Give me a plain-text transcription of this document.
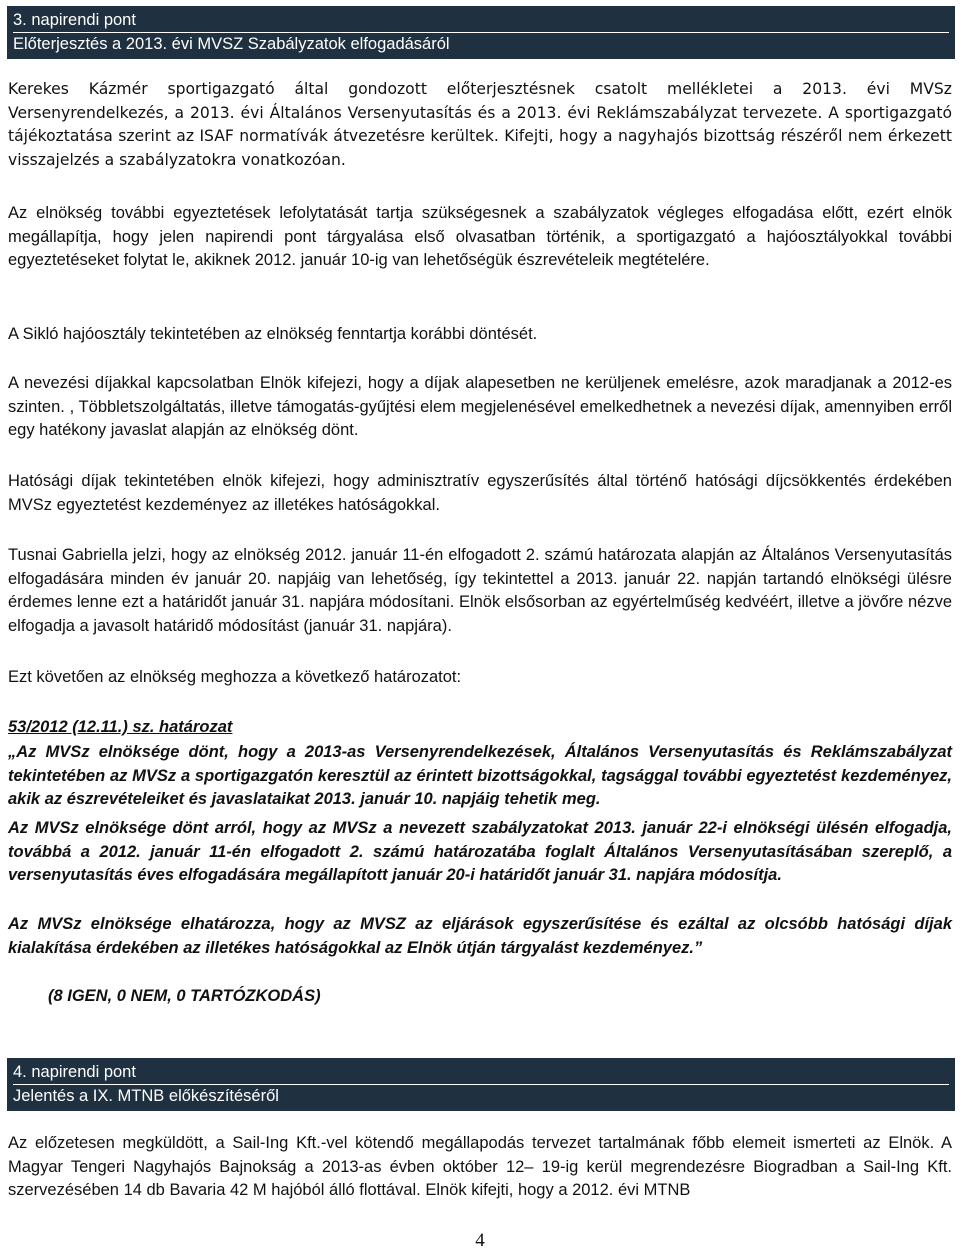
3. napirendi pont
Előterjesztés a 2013. évi MVSZ Szabályzatok elfogadásáról

Kerekes Kázmér sportigazgató által gondozott előterjesztésnek csatolt mellékletei a 2013. évi MVSz Versenyrendelkezés, a 2013. évi Általános Versenyutasítás és a 2013. évi Reklámszabályzat tervezete. A sportigazgató tájékoztatása szerint az ISAF normatívák átvezetésre kerültek. Kifejti, hogy a nagyhajós bizottság részéről nem érkezett visszajelzés a szabályzatokra vonatkozóan.

Az elnökség további egyeztetések lefolytatását tartja szükségesnek a szabályzatok végleges elfogadása előtt, ezért elnök megállapítja, hogy jelen napirendi pont tárgyalása első olvasatban történik, a sportigazgató a hajóosztályokkal további egyeztetéseket folytat le, akiknek 2012. január 10-ig van lehetőségük észrevételeik megtételére.

A Sikló hajóosztály tekintetében az elnökség fenntartja korábbi döntését.

A nevezési díjakkal kapcsolatban Elnök kifejezi, hogy a díjak alapesetben ne kerüljenek emelésre, azok maradjanak a 2012-es szinten. , Többletszolgáltatás, illetve támogatás-gyűjtési elem megjelenésével emelkedhetnek a nevezési díjak, amennyiben erről egy hatékony javaslat alapján az elnökség dönt.

Hatósági díjak tekintetében elnök kifejezi, hogy adminisztratív egyszerűsítés által történő hatósági díjcsökkentés érdekében MVSz egyeztetést kezdeményez az illetékes hatóságokkal.

Tusnai Gabriella jelzi, hogy az elnökség 2012. január 11-én elfogadott 2. számú határozata alapján az Általános Versenyutasítás elfogadására minden év január 20. napjáig van lehetőség, így tekintettel a 2013. január 22. napján tartandó elnökségi ülésre érdemes lenne ezt a határidőt január 31. napjára módosítani. Elnök elsősorban az egyértelműség kedvéért, illetve a jövőre nézve elfogadja a javasolt határidő módosítást (január 31. napjára).

Ezt követően az elnökség meghozza a következő határozatot:

53/2012 (12.11.) sz. határozat

„Az MVSz elnöksége dönt, hogy a 2013-as Versenyrendelkezések, Általános Versenyutasítás és Reklámszabályzat tekintetében az MVSz a sportigazgatón keresztül az érintett bizottságokkal, tagsággal további egyeztetést kezdeményez, akik az észrevételeiket és javaslataikat 2013. január 10. napjáig tehetik meg.

Az MVSz elnöksége dönt arról, hogy az MVSz a nevezett szabályzatokat 2013. január 22-i elnökségi ülésén elfogadja, továbbá a 2012. január 11-én elfogadott 2. számú határozatába foglalt Általános Versenyutasításában szereplő, a versenyutasítás éves elfogadására megállapított január 20-i határidőt január 31. napjára módosítja.

Az MVSz elnöksége elhatározza, hogy az MVSZ az eljárások egyszerűsítése és ezáltal az olcsóbb hatósági díjak kialakítása érdekében az illetékes hatóságokkal az Elnök útján tárgyalást kezdeményez.”

(8 IGEN, 0 NEM, 0 TARTÓZKODÁS)

4. napirendi pont
Jelentés a IX. MTNB előkészítéséről

Az előzetesen megküldött, a Sail-Ing Kft.-vel kötendő megállapodás tervezet tartalmának főbb elemeit ismerteti az Elnök. A Magyar Tengeri Nagyhajós Bajnokság a 2013-as évben október 12– 19-ig kerül megrendezésre Biogradban a Sail-Ing Kft. szervezésében 14 db Bavaria 42 M hajóból álló flottával. Elnök kifejti, hogy a 2012. évi MTNB

4
